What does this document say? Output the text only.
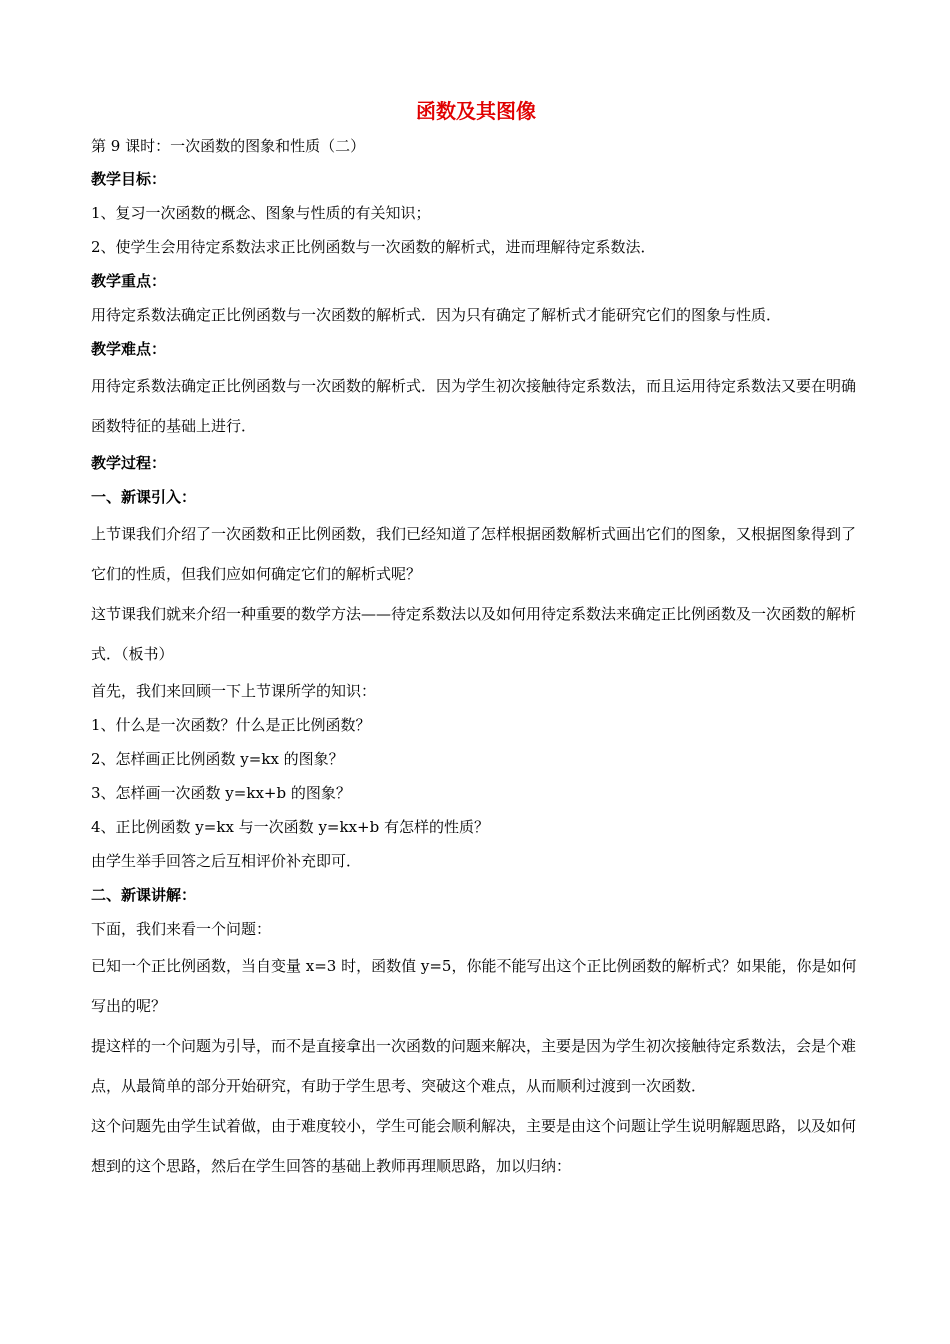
函数及其图像

第 9 课时：一次函数的图象和性质（二）

教学目标：

1、复习一次函数的概念、图象与性质的有关知识；

2、使学生会用待定系数法求正比例函数与一次函数的解析式，进而理解待定系数法．

教学重点：

用待定系数法确定正比例函数与一次函数的解析式．因为只有确定了解析式才能研究它们的图象与性质．

教学难点：

用待定系数法确定正比例函数与一次函数的解析式．因为学生初次接触待定系数法，而且运用待定系数法又要在明确函数特征的基础上进行．

教学过程：

一、新课引入：

上节课我们介绍了一次函数和正比例函数，我们已经知道了怎样根据函数解析式画出它们的图象，又根据图象得到了它们的性质，但我们应如何确定它们的解析式呢？

这节课我们就来介绍一种重要的数学方法——待定系数法以及如何用待定系数法来确定正比例函数及一次函数的解析式．（板书）

首先，我们来回顾一下上节课所学的知识：

1、什么是一次函数？什么是正比例函数？

2、怎样画正比例函数 y=kx 的图象？

3、怎样画一次函数 y=kx+b 的图象？

4、正比例函数 y=kx 与一次函数 y=kx+b 有怎样的性质？

由学生举手回答之后互相评价补充即可．

二、新课讲解：

下面，我们来看一个问题：

已知一个正比例函数，当自变量 x=3 时，函数值 y=5，你能不能写出这个正比例函数的解析式？如果能，你是如何写出的呢？

提这样的一个问题为引导，而不是直接拿出一次函数的问题来解决，主要是因为学生初次接触待定系数法，会是个难点，从最简单的部分开始研究，有助于学生思考、突破这个难点，从而顺利过渡到一次函数．

这个问题先由学生试着做，由于难度较小，学生可能会顺利解决，主要是由这个问题让学生说明解题思路，以及如何想到的这个思路，然后在学生回答的基础上教师再理顺思路，加以归纳：
